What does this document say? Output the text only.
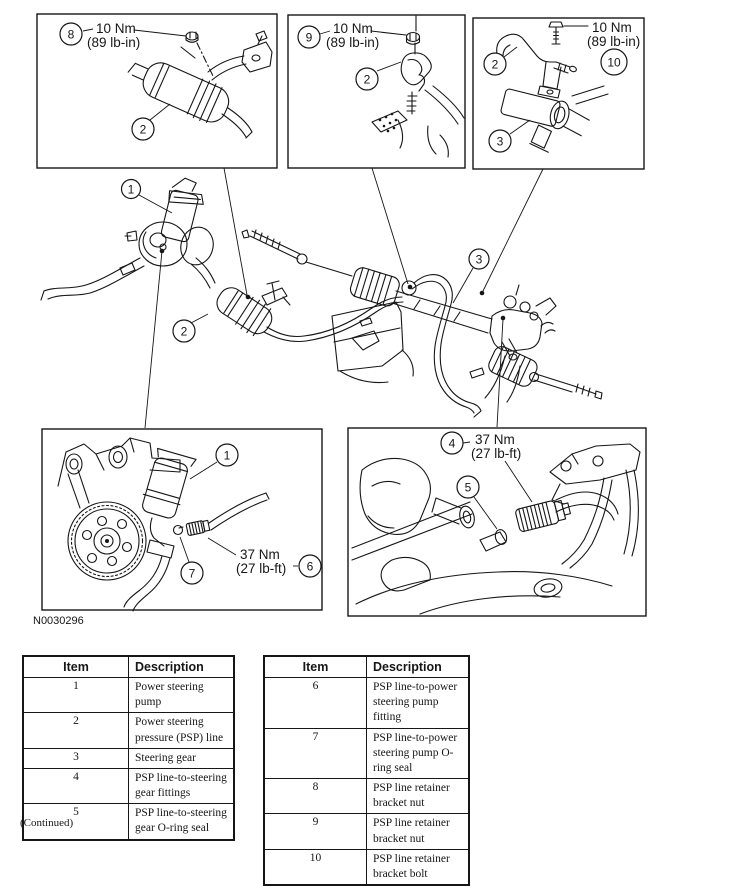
8
2
10 Nm
(89 lb-in)	9
2
10 Nm
(89 lb-in)
2
3
10
10 Nm
(89 lb-in)
1
2
3
1
7	6
37 Nm
(27 lb-ft)
4
5
37 Nm
(27 lb-ft)
N0030296
Item	Description
1	Power steering pump
2	Power steering pressure (PSP) line
3	Steering gear
4	PSP line-to-steering gear fittings
5	PSP line-to-steering gear O-ring seal
Item	Description
6	PSP line-to-power steering pump fitting
7	PSP line-to-power steering pump O-ring seal
8	PSP line retainer bracket nut
9	PSP line retainer bracket nut
10	PSP line retainer bracket bolt
(Continued)
